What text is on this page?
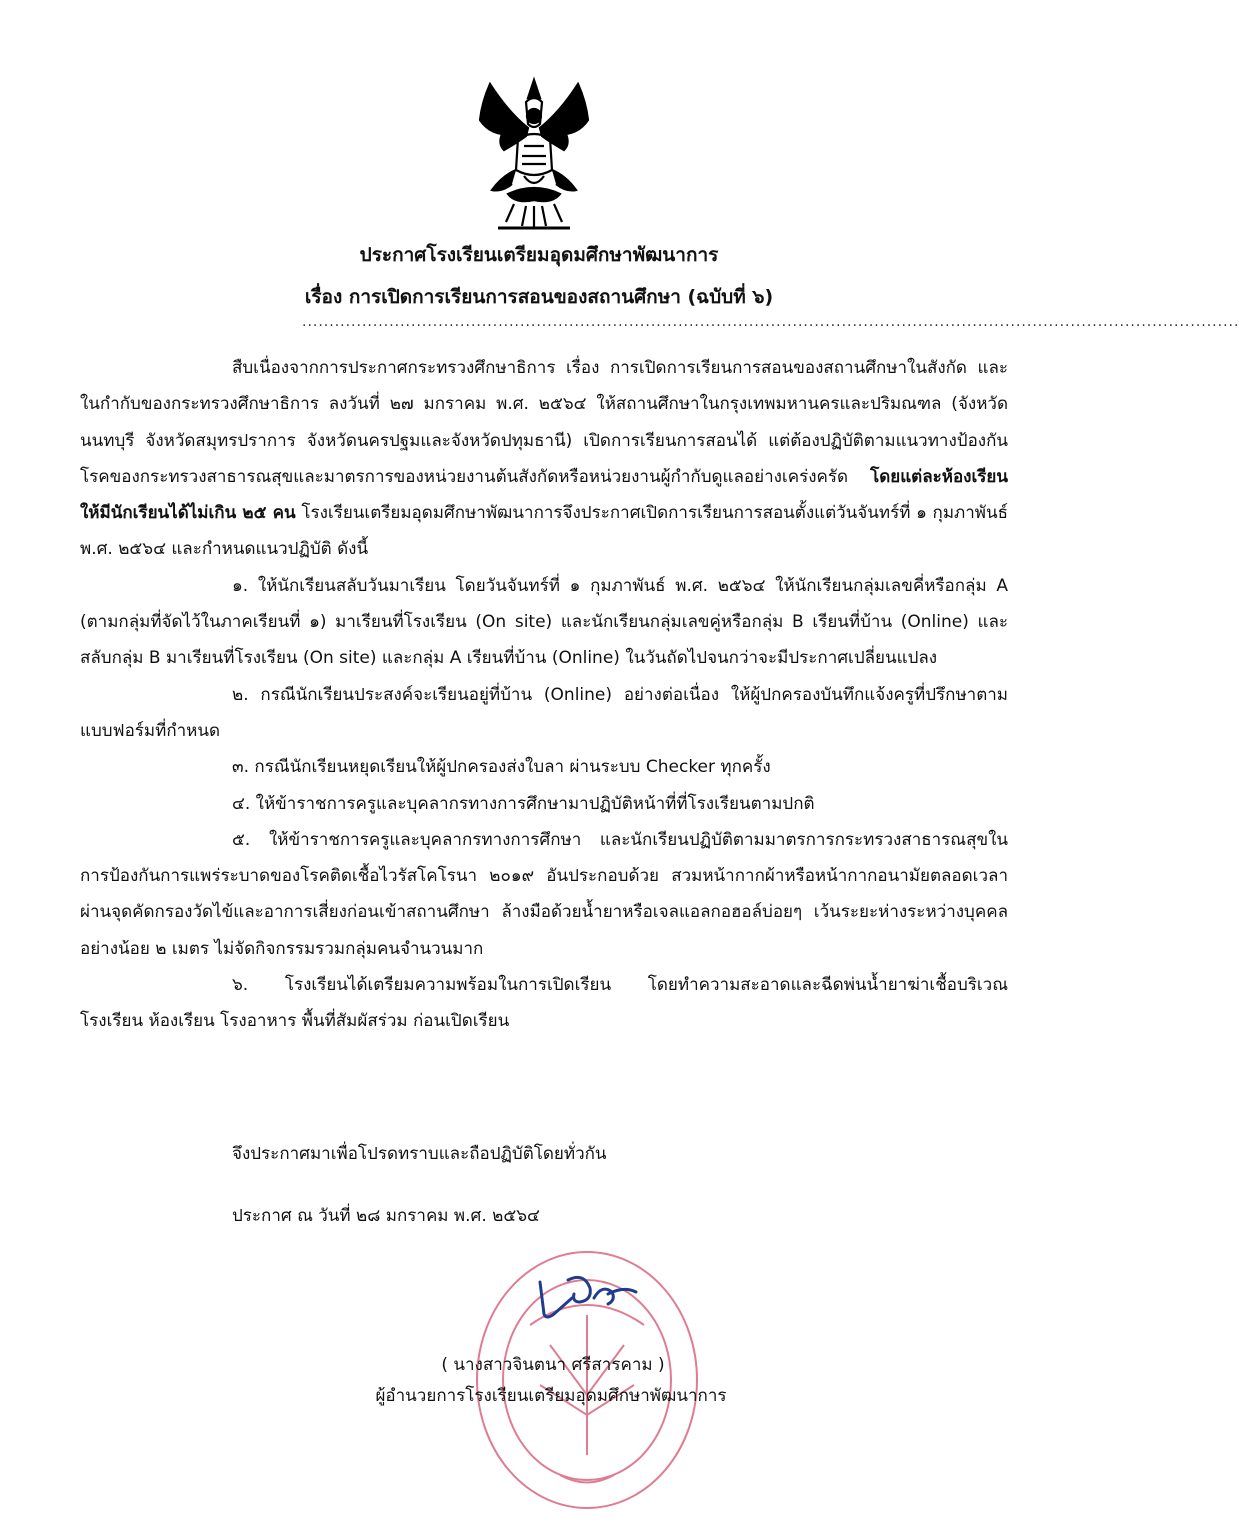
ประกาศโรงเรียนเตรียมอุดมศึกษาพัฒนาการ
เรื่อง การเปิดการเรียนการสอนของสถานศึกษา (ฉบับที่ ๖)
............................................................................................................................................................................

สืบเนื่องจากการประกาศกระทรวงศึกษาธิการ เรื่อง การเปิดการเรียนการสอนของสถานศึกษาในสังกัด และในกำกับของกระทรวงศึกษาธิการ ลงวันที่ ๒๗ มกราคม พ.ศ. ๒๕๖๔ ให้สถานศึกษาในกรุงเทพมหานครและปริมณฑล (จังหวัดนนทบุรี จังหวัดสมุทรปราการ จังหวัดนครปฐมและจังหวัดปทุมธานี) เปิดการเรียนการสอนได้ แต่ต้องปฏิบัติตามแนวทางป้องกันโรคของกระทรวงสาธารณสุขและมาตรการของหน่วยงานต้นสังกัดหรือหน่วยงานผู้กำกับดูแลอย่างเคร่งครัด โดยแต่ละห้องเรียนให้มีนักเรียนได้ไม่เกิน ๒๕ คน โรงเรียนเตรียมอุดมศึกษาพัฒนาการจึงประกาศเปิดการเรียนการสอนตั้งแต่วันจันทร์ที่ ๑ กุมภาพันธ์ พ.ศ. ๒๕๖๔ และกำหนดแนวปฏิบัติ ดังนี้

๑. ให้นักเรียนสลับวันมาเรียน โดยวันจันทร์ที่ ๑ กุมภาพันธ์ พ.ศ. ๒๕๖๔ ให้นักเรียนกลุ่มเลขคี่หรือกลุ่ม A (ตามกลุ่มที่จัดไว้ในภาคเรียนที่ ๑) มาเรียนที่โรงเรียน (On site) และนักเรียนกลุ่มเลขคู่หรือกลุ่ม B เรียนที่บ้าน (Online) และสลับกลุ่ม B มาเรียนที่โรงเรียน (On site) และกลุ่ม A เรียนที่บ้าน (Online) ในวันถัดไปจนกว่าจะมีประกาศเปลี่ยนแปลง

๒. กรณีนักเรียนประสงค์จะเรียนอยู่ที่บ้าน (Online) อย่างต่อเนื่อง ให้ผู้ปกครองบันทึกแจ้งครูที่ปรึกษาตามแบบฟอร์มที่กำหนด

๓. กรณีนักเรียนหยุดเรียนให้ผู้ปกครองส่งใบลา ผ่านระบบ Checker ทุกครั้ง

๔. ให้ข้าราชการครูและบุคลากรทางการศึกษามาปฏิบัติหน้าที่ที่โรงเรียนตามปกติ

๕. ให้ข้าราชการครูและบุคลากรทางการศึกษา และนักเรียนปฏิบัติตามมาตรการกระทรวงสาธารณสุขในการป้องกันการแพร่ระบาดของโรคติดเชื้อไวรัสโคโรนา ๒๐๑๙ อันประกอบด้วย สวมหน้ากากผ้าหรือหน้ากากอนามัยตลอดเวลา ผ่านจุดคัดกรองวัดไข้และอาการเสี่ยงก่อนเข้าสถานศึกษา ล้างมือด้วยน้ำยาหรือเจลแอลกอฮอล์บ่อยๆ เว้นระยะห่างระหว่างบุคคลอย่างน้อย ๒ เมตร ไม่จัดกิจกรรมรวมกลุ่มคนจำนวนมาก

๖. โรงเรียนได้เตรียมความพร้อมในการเปิดเรียน โดยทำความสะอาดและฉีดพ่นน้ำยาฆ่าเชื้อบริเวณโรงเรียน ห้องเรียน โรงอาหาร พื้นที่สัมผัสร่วม ก่อนเปิดเรียน

จึงประกาศมาเพื่อโปรดทราบและถือปฏิบัติโดยทั่วกัน
ประกาศ ณ วันที่ ๒๘ มกราคม พ.ศ. ๒๕๖๔
( นางสาวจินตนา ศรีสารคาม )
ผู้อำนวยการโรงเรียนเตรียมอุดมศึกษาพัฒนาการ
